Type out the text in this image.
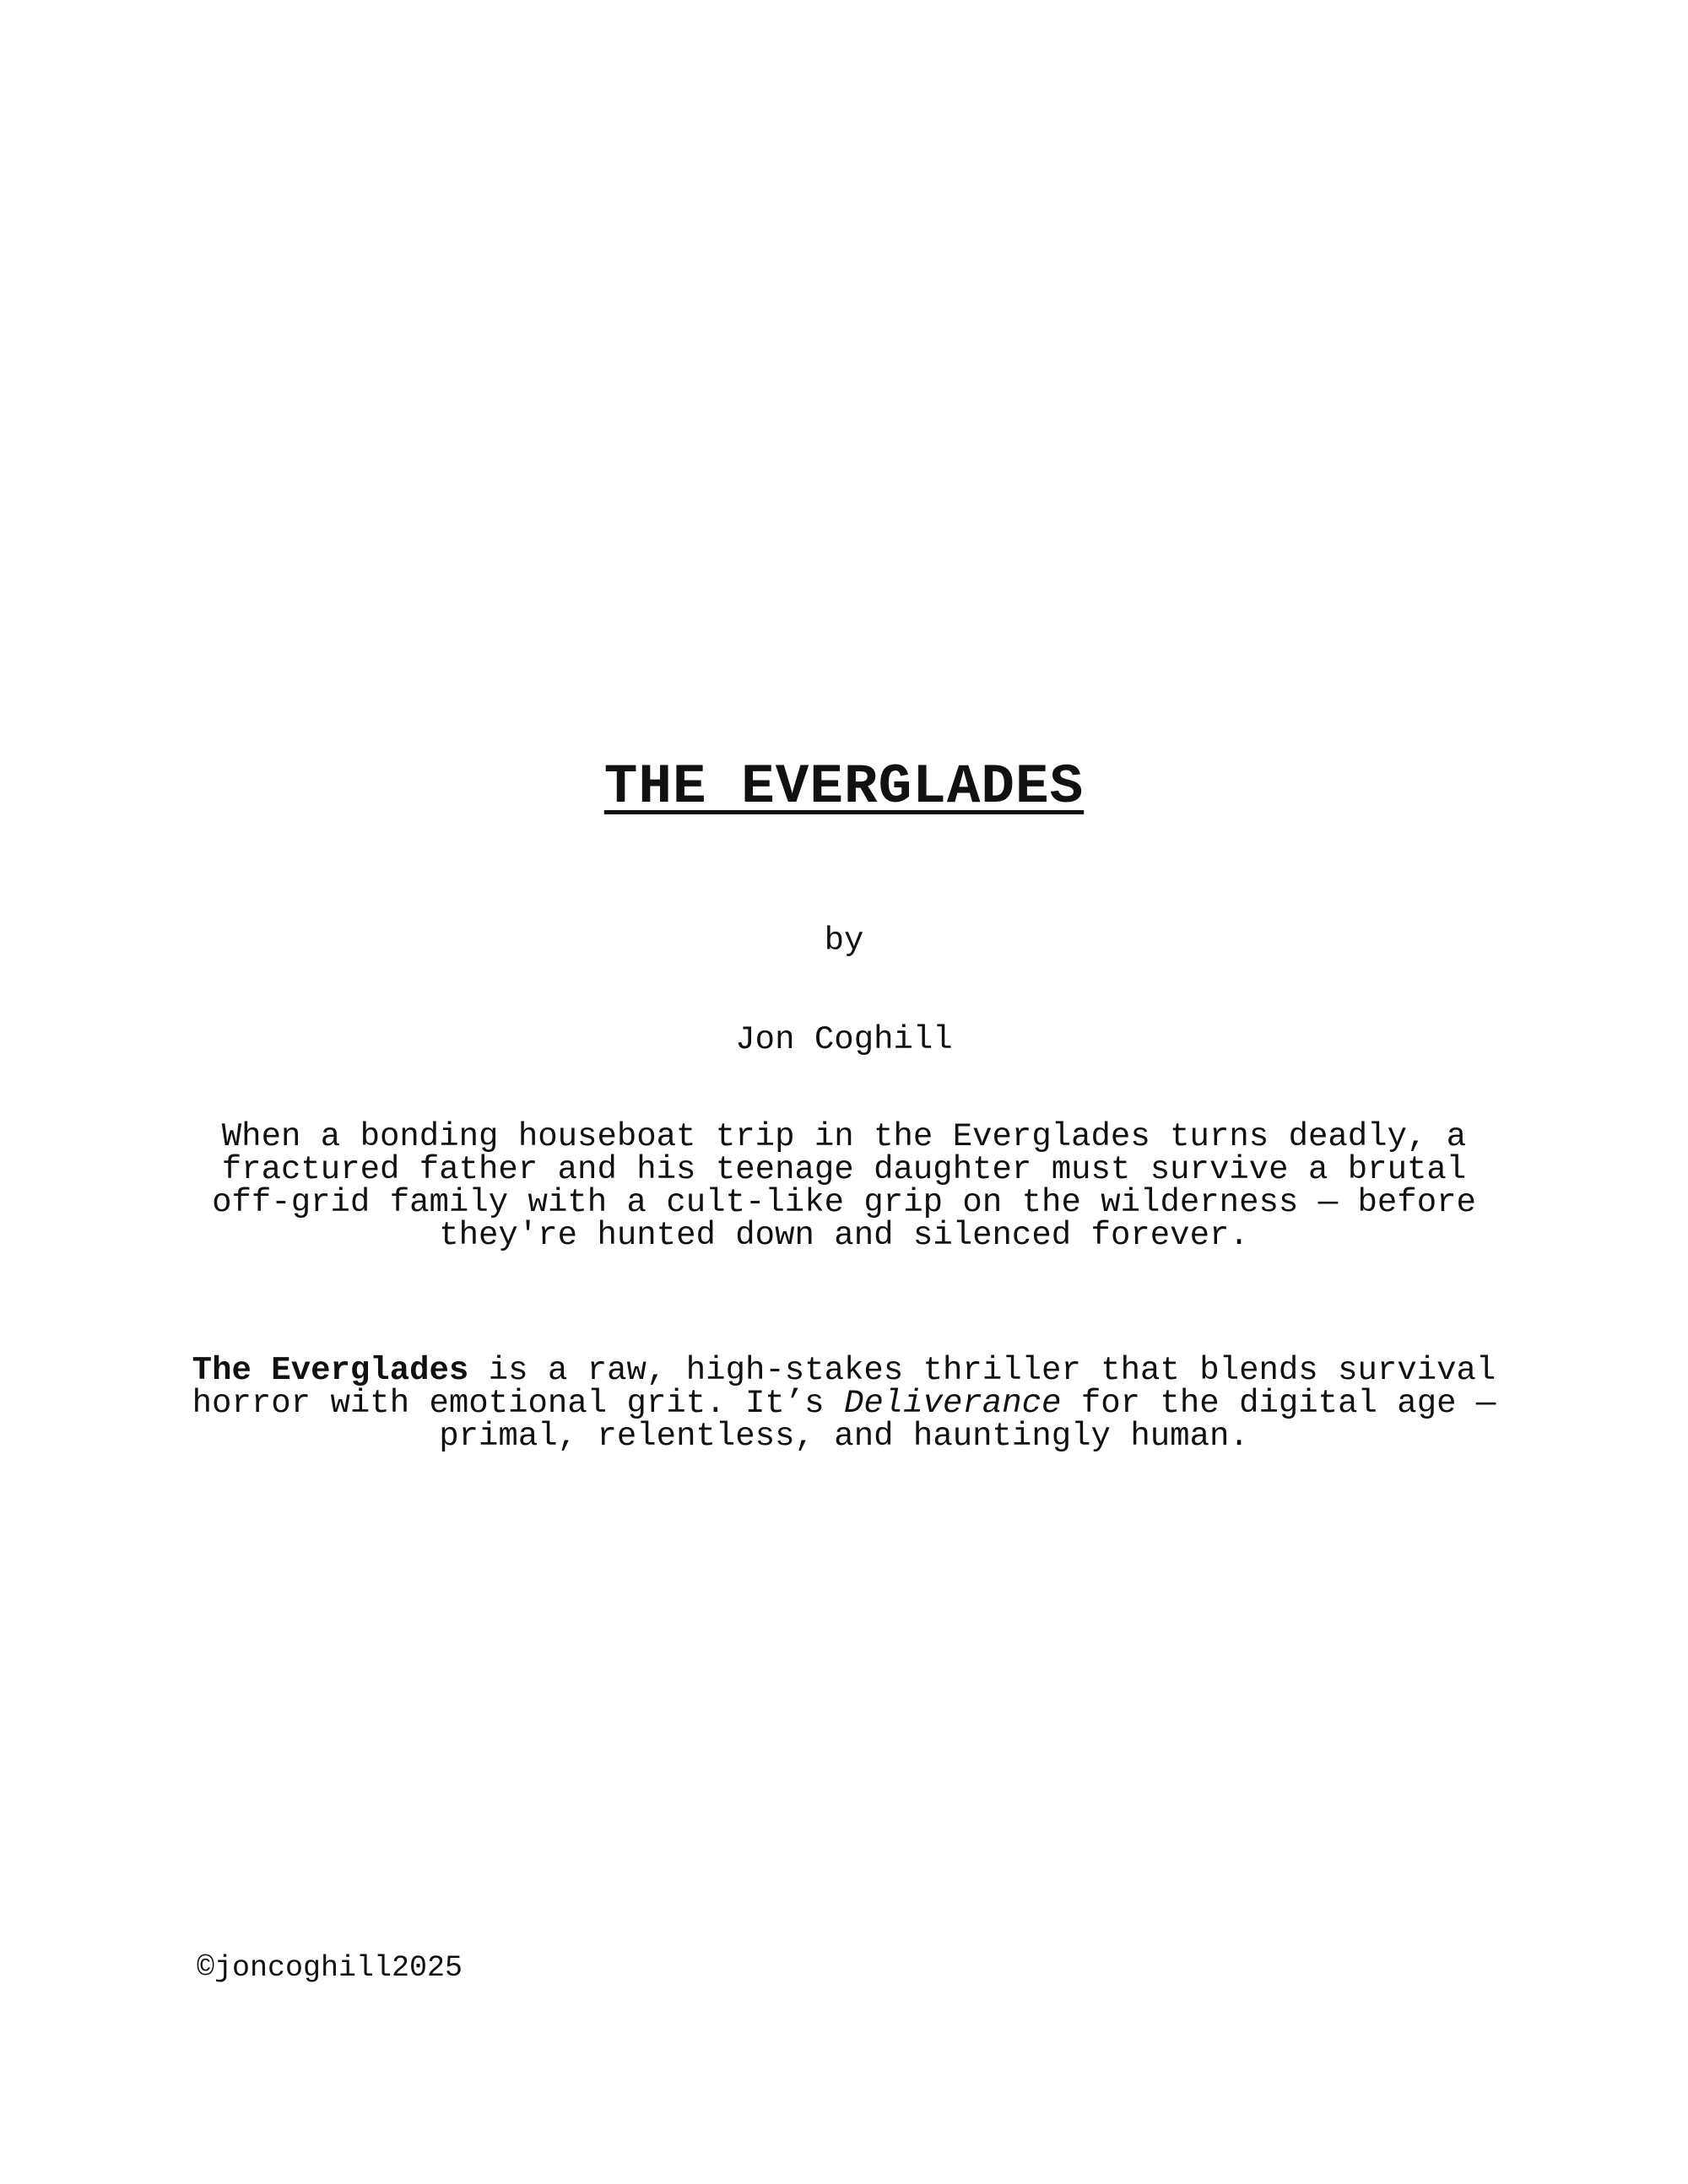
THE EVERGLADES
by
Jon Coghill
When a bonding houseboat trip in the Everglades turns deadly, a
fractured father and his teenage daughter must survive a brutal
off-grid family with a cult-like grip on the wilderness — before
they're hunted down and silenced forever.
The Everglades is a raw, high-stakes thriller that blends survival
horror with emotional grit. It’s Deliverance for the digital age —
primal, relentless, and hauntingly human.
©joncoghill2025
